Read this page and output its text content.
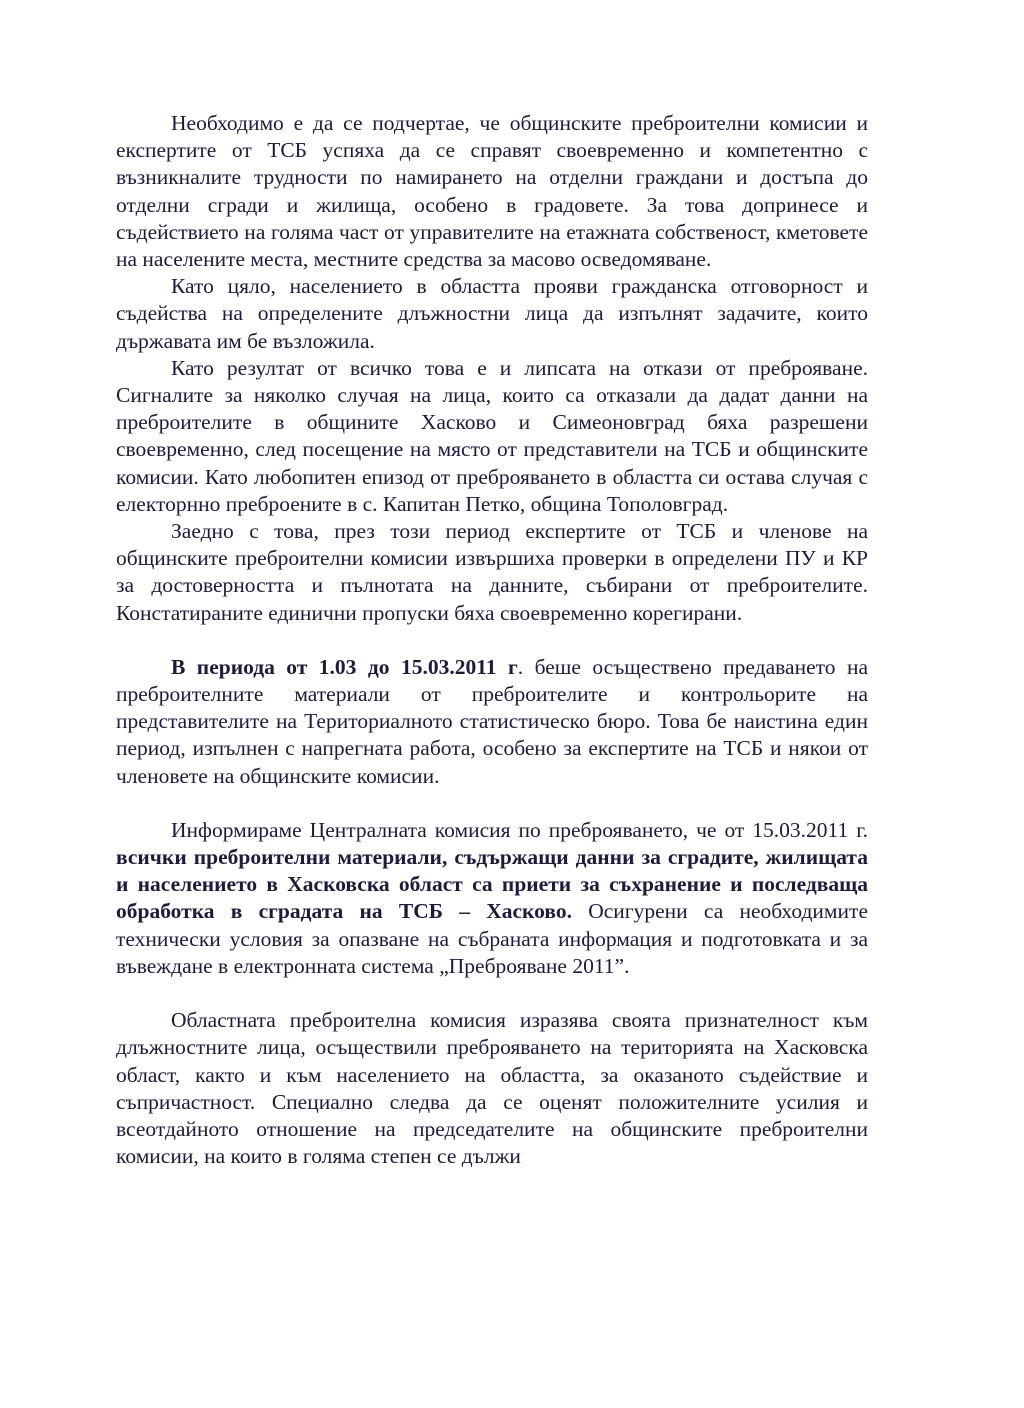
Необходимо е да се подчертае, че общинските преброителни комисии и експертите от ТСБ успяха да се справят своевременно и компетентно с възникналите трудности по намирането на отделни граждани и достъпа до отделни сгради и жилища, особено в градовете. За това допринесе и съдействието на голяма част от управителите на етажната собственост, кметовете на населените места, местните средства за масово осведомяване.

Като цяло, населението в областта прояви гражданска отговорност и съдейства на определените длъжностни лица да изпълнят задачите, които държавата им бе възложила.

Като резултат от всичко това е и липсата на откази от преброяване. Сигналите за няколко случая на лица, които са отказали да дадат данни на преброителите в общините Хасково и Симеоновград бяха разрешени своевременно, след посещение на място от представители на ТСБ и общинските комисии. Като любопитен епизод от преброяването в областта си остава случая с електорнно преброените в с. Капитан Петко, община Тополовград.

Заедно с това, през този период експертите от ТСБ и членове на общинските преброителни комисии извършиха проверки в определени ПУ и КР за достоверността и пълнотата на данните, събирани от преброителите. Констатираните единични пропуски бяха своевременно корегирани.

В периода от 1.03 до 15.03.2011 г. беше осъществено предаването на преброителните материали от преброителите и контрольорите на представителите на Териториалното статистическо бюро. Това бе наистина един период, изпълнен с напрегната работа, особено за експертите на ТСБ и някои от членовете на общинските комисии.

Информираме Централната комисия по преброяването, че от 15.03.2011 г. всички преброителни материали, съдържащи данни за сградите, жилищата и населението в Хасковска област са приети за съхранение и последваща обработка в сградата на ТСБ – Хасково. Осигурени са необходимите технически условия за опазване на събраната информация и подготовката и за въвеждане в електронната система „Преброяване 2011”.

Областната преброителна комисия изразява своята признателност към длъжностните лица, осъществили преброяването на територията на Хасковска област, както и към населението на областта, за оказаното съдействие и съпричастност. Специално следва да се оценят положителните усилия и всеотдайното отношение на председателите на общинските преброителни комисии, на които в голяма степен се дължи
